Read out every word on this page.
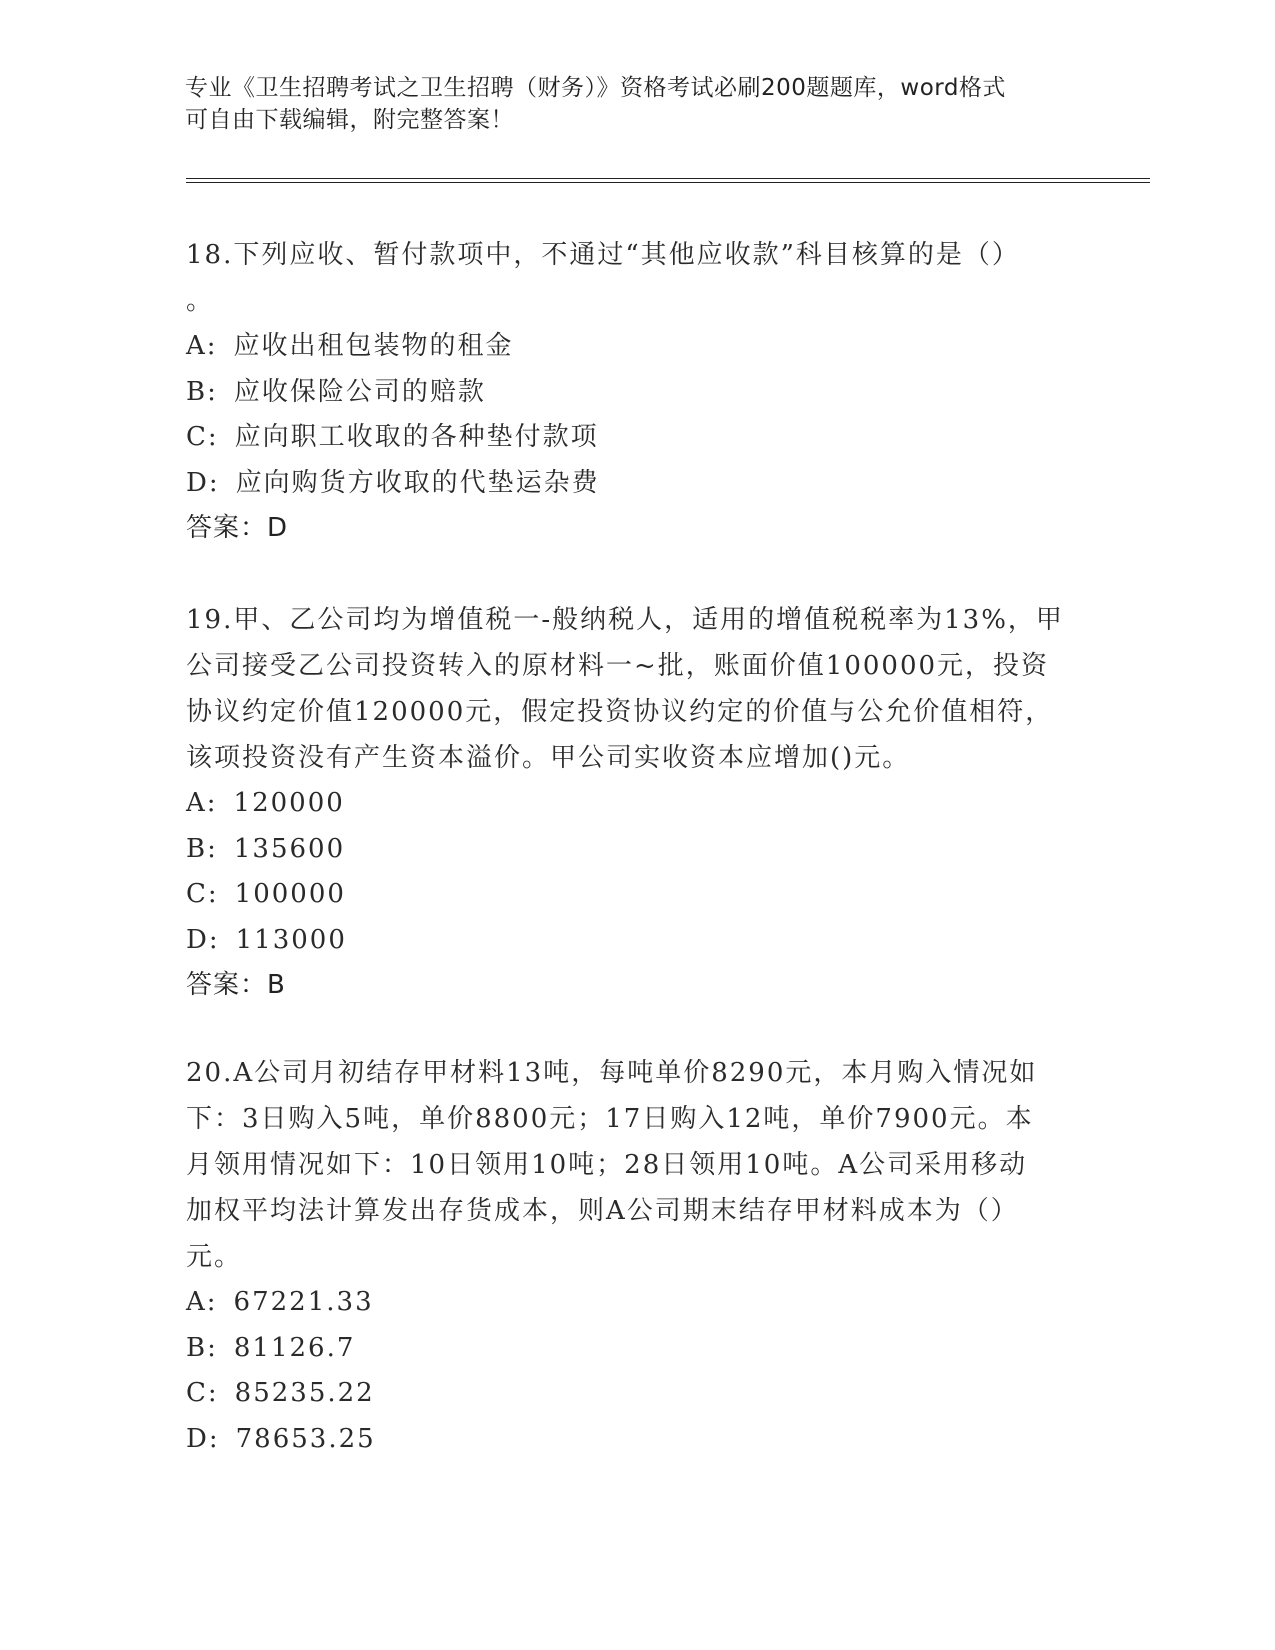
专业《卫生招聘考试之卫生招聘（财务）》资格考试必刷200题题库，word格式
可自由下载编辑，附完整答案！

18.下列应收、暂付款项中，不通过“其他应收款”科目核算的是（）

。

A: 应收出租包装物的租金
B: 应收保险公司的赔款
C: 应向职工收取的各种垫付款项
D: 应向购货方收取的代垫运杂费

答案：D

19.甲、乙公司均为增值税一-般纳税人，适用的增值税税率为13%，甲

公司接受乙公司投资转入的原材料一~批，账面价值100000元，投资

协议约定价值120000元，假定投资协议约定的价值与公允价值相符，

该项投资没有产生资本溢价。甲公司实收资本应增加()元。

A: 120000
B: 135600
C: 100000
D: 113000

答案：B

20.A公司月初结存甲材料13吨，每吨单价8290元，本月购入情况如

下：3日购入5吨，单价8800元；17日购入12吨，单价7900元。本

月领用情况如下：10日领用10吨；28日领用10吨。A公司采用移动

加权平均法计算发出存货成本，则A公司期末结存甲材料成本为（）

元。

A: 67221.33
B: 81126.7
C: 85235.22
D: 78653.25
